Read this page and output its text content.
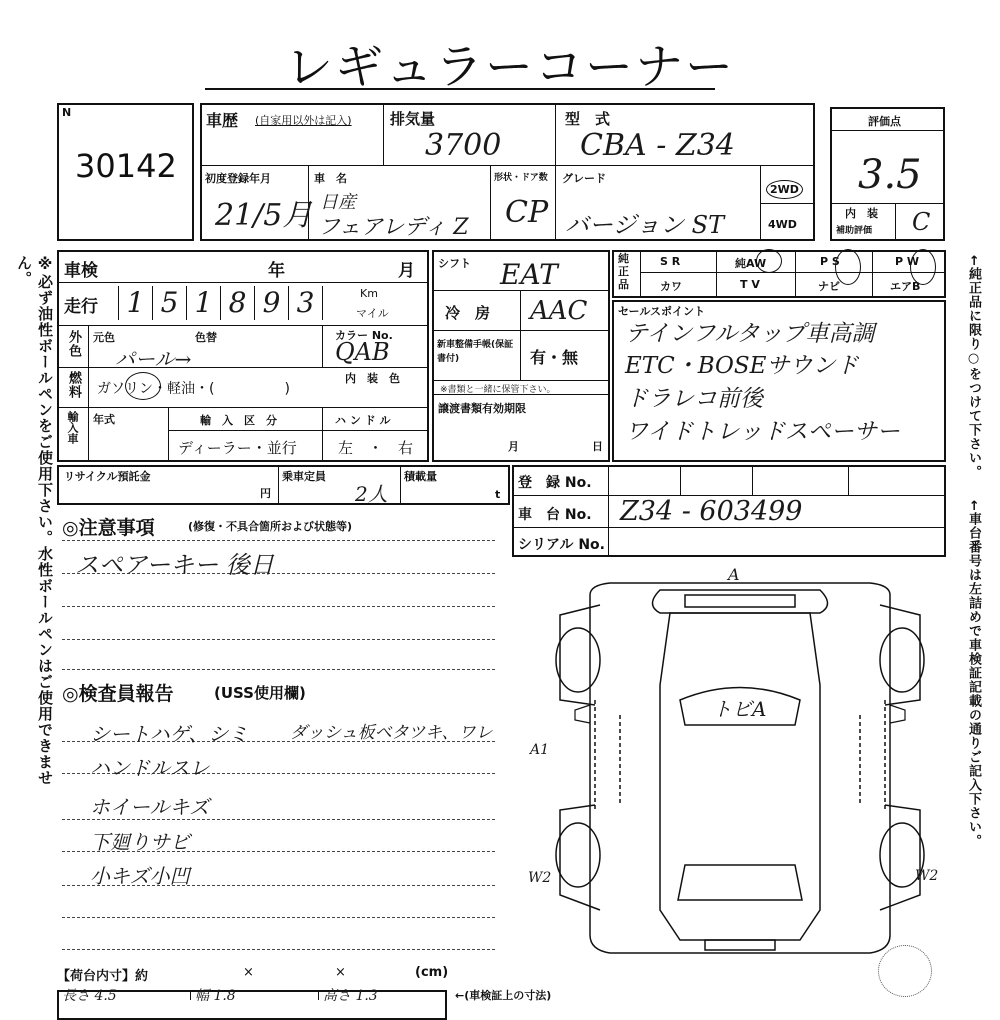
レギュラーコーナー
※必ず油性ボールペンをご使用下さい。水性ボールペンはご使用できません。	←純正品に限り○をつけて下さい。
←車台番号は左詰めで車検証記載の通りご記入下さい。
N
30142
車歴 (自家用以外は記入)	排気量
3700
型　式
CBA - Z34
初度登録年月
21/5月
車　名
日産
フェアレディ Z
形状・ドア数
CP
グレード
バージョン ST
2WD
4WD
評価点
3.5
内　装
補助評価 C
車検	年	月
走行	1 5 1 8 9 3	Km
マイル
外色 元色	色替
パール→
カラー No.
QAB
内　装　色
燃料 ガソリン・軽油・(　　　　　)
輸入車 年式	輸　入　区　分
ディーラー・並行
ハ ン ド ル
左　・　右
シフト EAT
冷　房 AAC
新車整備手帳(保証書付)	有・無
※書類と一緒に保管下さい。
譲渡書類有効期限
月	日
純正品
S R	純AW	P S	P W
カワ	T V	ナビ	エアB
セールスポイント
テインフルタップ車高調
ETC・BOSEサウンド
ドラレコ前後
ワイドトレッドスペーサー
リサイクル預託金
円
乗車定員
2人
積載量
t
登　録 No.
車　台 No. Z34 - 603499
シリアル No.
◎注意事項	(修復・不具合箇所および状態等)
スペアーキー 後日
◎検査員報告	(USS使用欄)
シートハゲ、シミ
ハンドルスレ
ホイールキズ
下廻りサビ
小キズ小凹
ダッシュ板ベタツキ、ワレ
A
トビA
A1
W2	W2
【荷台内寸】約	×	×	(cm)
長さ 4.5	幅 1.8	高さ 1.3	←(車検証上の寸法)
